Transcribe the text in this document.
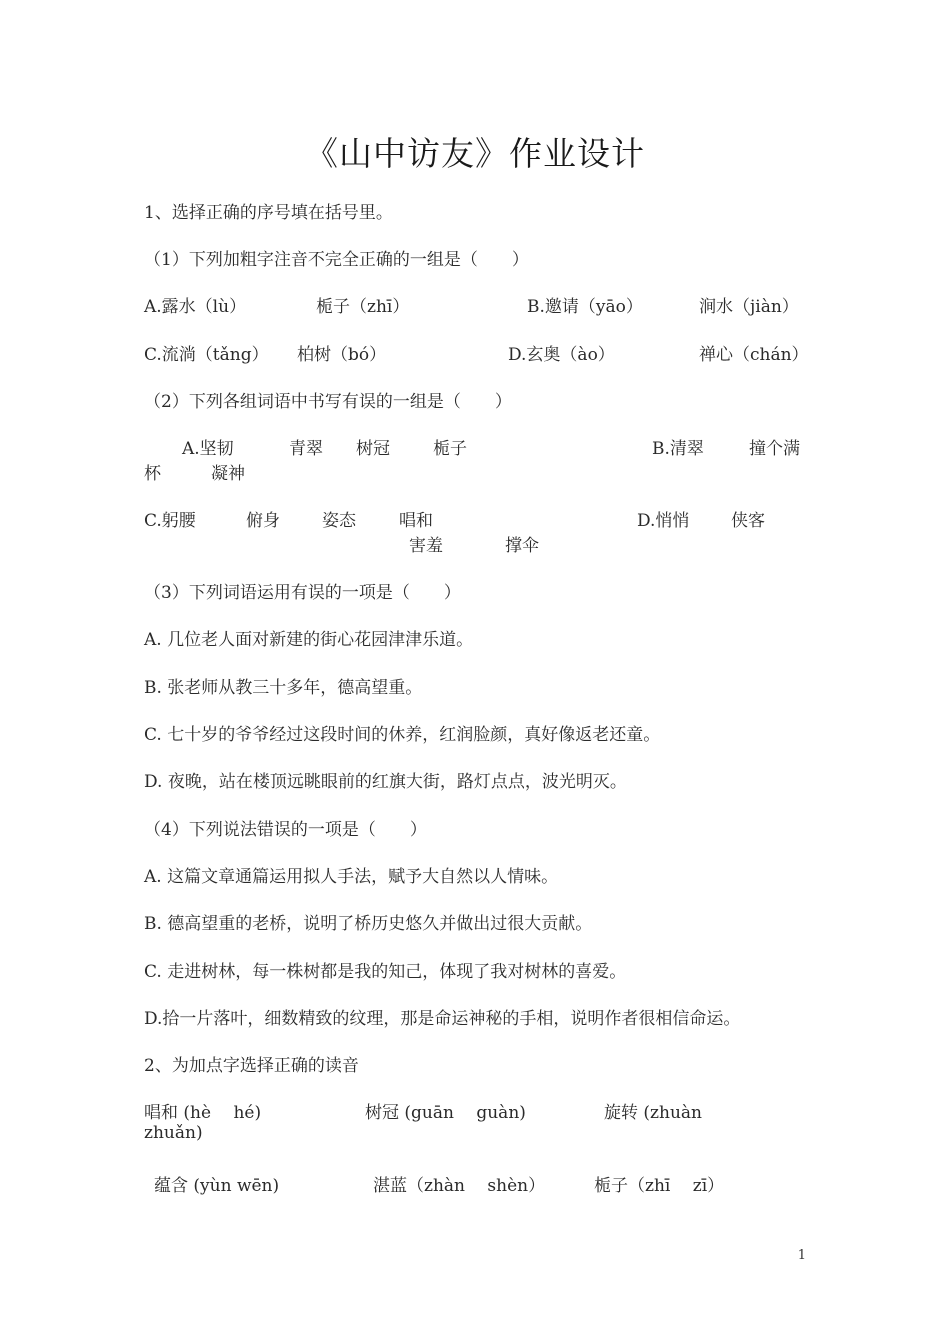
《山中访友》作业设计
1、选择正确的序号填在括号里。
（1）下列加粗字注音不完全正确的一组是（　　）
A.露水（lù）	栀子（zhī）	B.邀请（yāo）	涧水（jiàn）
C.流淌（tǎng） 柏树（bó）	D.玄奥（ào）	禅心（chán）
（2）下列各组词语中书写有误的一组是（　　）
A.坚韧	青翠 树冠	栀子	B.清翠	撞个满
杯	凝神
C.躬腰	俯身 姿态	唱和	D.悄悄 侠客
害羞	撑伞
（3）下列词语运用有误的一项是（　　）
A. 几位老人面对新建的街心花园津津乐道。
B. 张老师从教三十多年，德高望重。
C. 七十岁的爷爷经过这段时间的休养，红润脸颜，真好像返老还童。
D. 夜晚，站在楼顶远眺眼前的红旗大街，路灯点点，波光明灭。
（4）下列说法错误的一项是（　　）
A. 这篇文章通篇运用拟人手法，赋予大自然以人情味。
B. 德高望重的老桥，说明了桥历史悠久并做出过很大贡献。
C. 走进树林，每一株树都是我的知己，体现了我对树林的喜爱。
D.拾一片落叶，细数精致的纹理，那是命运神秘的手相，说明作者很相信命运。
2、为加点字选择正确的读音
唱和 (hè　 hé)	树冠 (guān　 guàn)	旋转 (zhuàn
zhuǎn)
蕴含 (yùn wēn)	湛蓝（zhàn　 shèn）	栀子（zhī　 zī）
1
